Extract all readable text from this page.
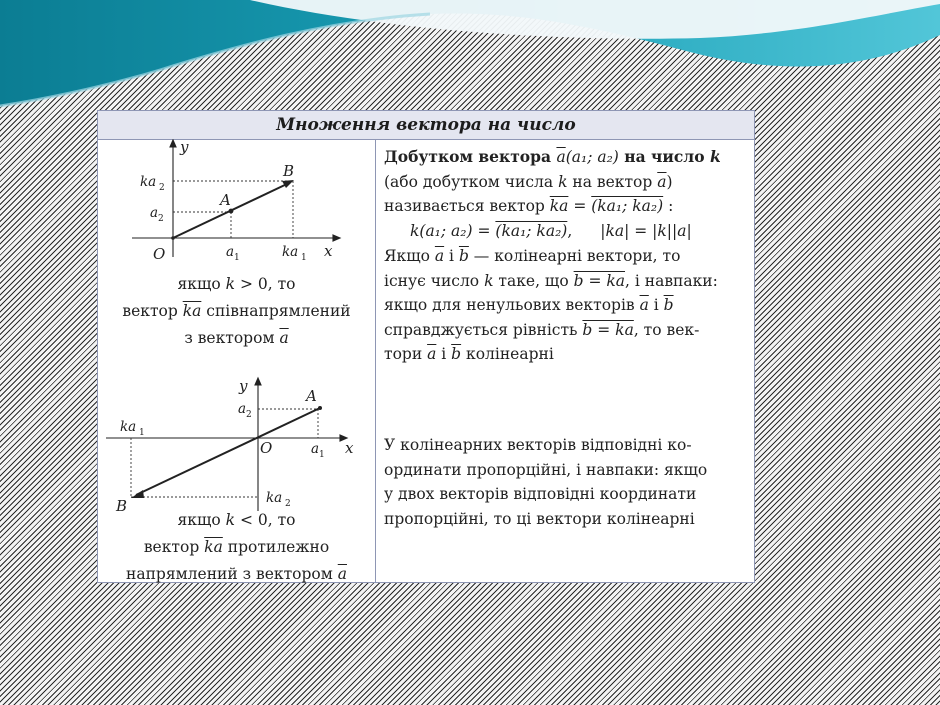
Множення вектора на число
y
x
O
A
B
ka 2
a 2
a 1	ka 1
якщо k > 0, то
вектор $\overline{ka}$ співнапрямлений
з вектором $\overline{a}$
y
x
O
A
B
a 2
ka 1
a 1
ka 2
якщо k < 0, то
вектор $\overline{ka}$ протилежно
напрямлений з вектором $\overline{a}$
Добутком вектора $\overline{a}(a_1$; a₂) на число k
(або добутком числа k на вектор $\overline{a}$)
називається вектор $\overline{ka} = (ka_1$; ka₂) :
k(a₁; a₂) = (ka₁; ka₂), |ka| = |k||a|
Якщо $\overline{a}$ і $\overline{b}$ — колінеарні вектори, то
існує число k таке, що b = ka, і навпаки:
якщо для ненульових векторів $\overline{a}$ і $\overline{b}$
справджується рівність b = ka, то век-
тори $\overline{a}$ і $\overline{b}$ колінеарні
У колінеарних векторів відповідні ко-
ординати пропорційні, і навпаки: якщо
у двох векторів відповідні координати
пропорційні, то ці вектори колінеарні
